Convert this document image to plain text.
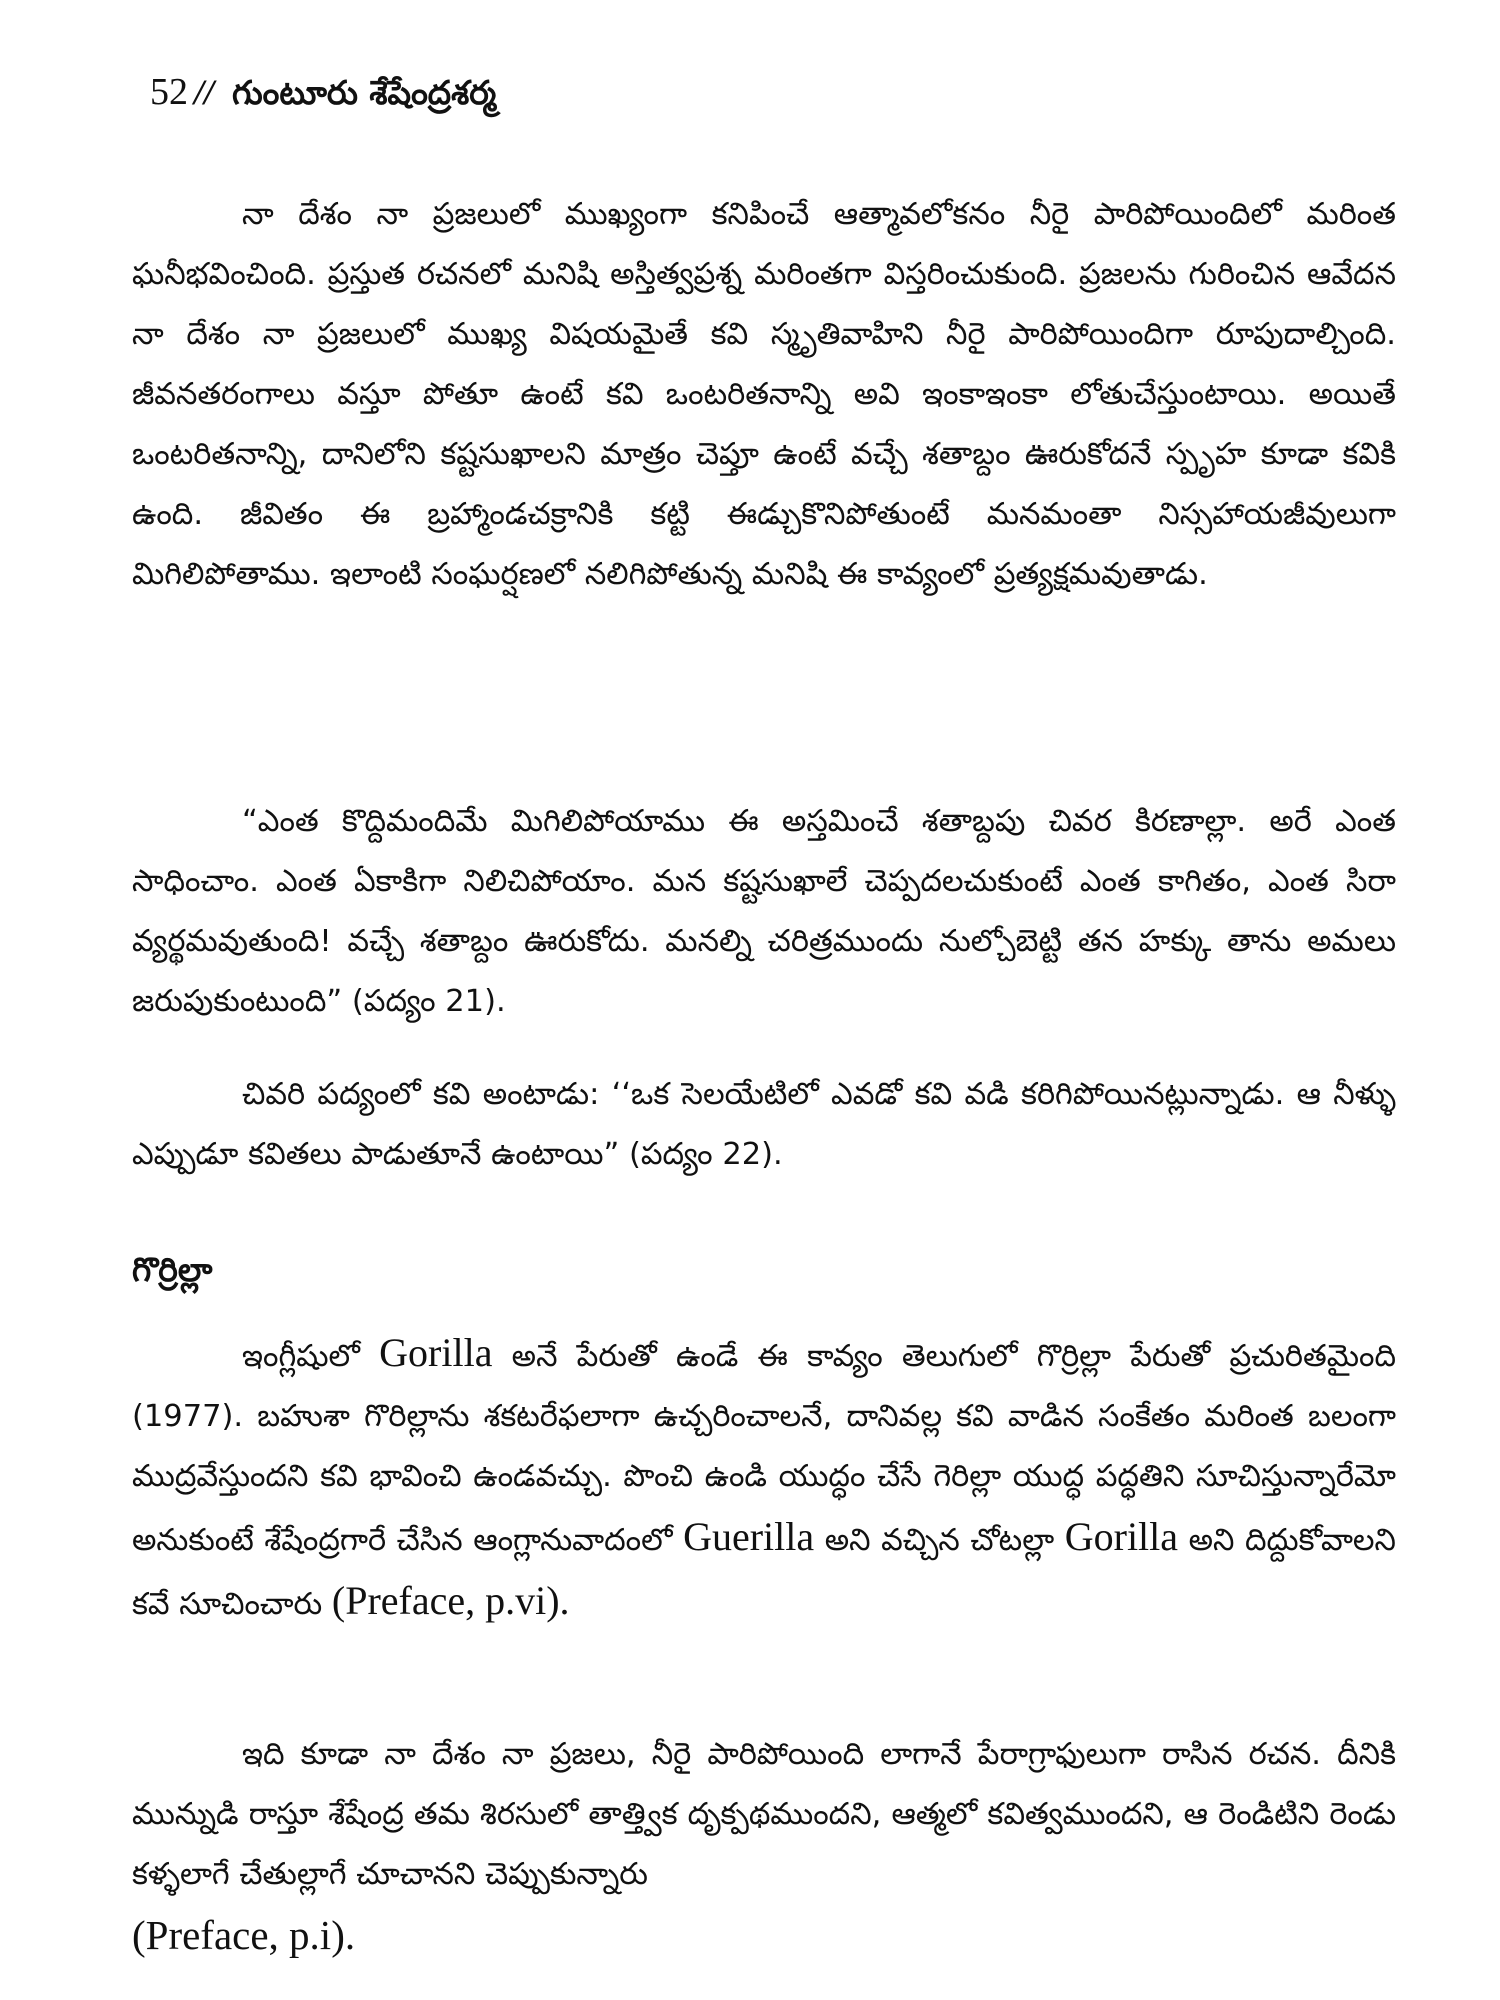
52 // గుంటూరు శేషేంద్రశర్మ

నా దేశం నా ప్రజలులో ముఖ్యంగా కనిపించే ఆత్మావలోకనం నీరై పారిపోయిందిలో మరింత ఘనీభవించింది. ప్రస్తుత రచనలో మనిషి అస్తిత్వప్రశ్న మరింతగా విస్తరించుకుంది. ప్రజలను గురించిన ఆవేదన నా దేశం నా ప్రజలులో ముఖ్య విషయమైతే కవి స్మృతివాహిని నీరై పారిపోయిందిగా రూపుదాల్చింది. జీవనతరంగాలు వస్తూ పోతూ ఉంటే కవి ఒంటరితనాన్ని అవి ఇంకాఇంకా లోతుచేస్తుంటాయి. అయితే ఒంటరితనాన్ని, దానిలోని కష్టసుఖాలని మాత్రం చెప్తూ ఉంటే వచ్చే శతాబ్దం ఊరుకోదనే స్పృహ కూడా కవికి ఉంది. జీవితం ఈ బ్రహ్మాండచక్రానికి కట్టి ఈడ్చుకొనిపోతుంటే మనమంతా నిస్సహాయజీవులుగా మిగిలిపోతాము. ఇలాంటి సంఘర్షణలో నలిగిపోతున్న మనిషి ఈ కావ్యంలో ప్రత్యక్షమవుతాడు.

“ఎంత కొద్దిమందిమే మిగిలిపోయాము ఈ అస్తమించే శతాబ్దపు చివర కిరణాల్లా. అరే ఎంత సాధించాం. ఎంత ఏకాకిగా నిలిచిపోయాం. మన కష్టసుఖాలే చెప్పదలచుకుంటే ఎంత కాగితం, ఎంత సిరా వ్యర్థమవుతుంది! వచ్చే శతాబ్దం ఊరుకోదు. మనల్ని చరిత్రముందు నుల్చోబెట్టి తన హక్కు తాను అమలు జరుపుకుంటుంది” (పద్యం 21).

చివరి పద్యంలో కవి అంటాడు: ‘‘ఒక సెలయేటిలో ఎవడో కవి వడి కరిగిపోయినట్లున్నాడు. ఆ నీళ్ళు ఎప్పుడూ కవితలు పాడుతూనే ఉంటాయి” (పద్యం 22).

గొర్రిల్లా

ఇంగ్లీషులో Gorilla అనే పేరుతో ఉండే ఈ కావ్యం తెలుగులో గొర్రిల్లా పేరుతో ప్రచురితమైంది (1977). బహుశా గొరిల్లాను శకటరేఫలాగా ఉచ్చరించాలనే, దానివల్ల కవి వాడిన సంకేతం మరింత బలంగా ముద్రవేస్తుందని కవి భావించి ఉండవచ్చు. పొంచి ఉండి యుద్ధం చేసే గెరిల్లా యుద్ధ పద్ధతిని సూచిస్తున్నారేమో అనుకుంటే శేషేంద్రగారే చేసిన ఆంగ్లానువాదంలో Guerilla అని వచ్చిన చోటల్లా Gorilla అని దిద్దుకోవాలని కవే సూచించారు (Preface, p.vi).

ఇది కూడా నా దేశం నా ప్రజలు, నీరై పారిపోయింది లాగానే పేరాగ్రాఫులుగా రాసిన రచన. దీనికి మున్నుడి రాస్తూ శేషేంద్ర తమ శిరసులో తాత్త్విక దృక్పథముందని, ఆత్మలో కవిత్వముందని, ఆ రెండిటిని రెండు కళ్ళలాగే చేతుల్లాగే చూచానని చెప్పుకున్నారు
(Preface, p.i).
